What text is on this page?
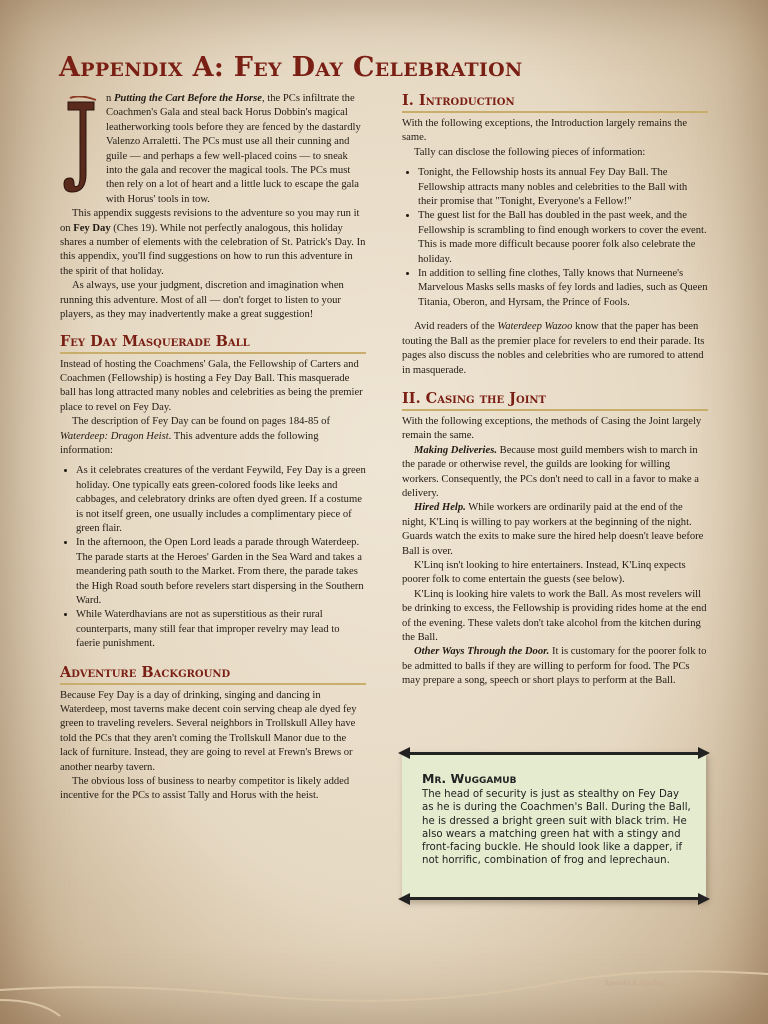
Appendix A: Fey Day Celebration

n Putting the Cart Before the Horse, the PCs infiltrate the Coachmen's Gala and steal back Horus Dobbin's magical leatherworking tools before they are fenced by the dastardly Valenzo Arraletti. The PCs must use all their cunning and guile — and perhaps a few well-placed coins — to sneak into the gala and recover the magical tools. The PCs must then rely on a lot of heart and a little luck to escape the gala with Horus' tools in tow.

This appendix suggests revisions to the adventure so you may run it on Fey Day (Ches 19). While not perfectly analogous, this holiday shares a number of elements with the celebration of St. Patrick's Day. In this appendix, you'll find suggestions on how to run this adventure in the spirit of that holiday.

As always, use your judgment, discretion and imagination when running this adventure. Most of all — don't forget to listen to your players, as they may inadvertently make a great suggestion!

Fey Day Masquerade Ball

Instead of hosting the Coachmens' Gala, the Fellowship of Carters and Coachmen (Fellowship) is hosting a Fey Day Ball. This masquerade ball has long attracted many nobles and celebrities as being the premier place to revel on Fey Day.

The description of Fey Day can be found on pages 184-85 of Waterdeep: Dragon Heist. This adventure adds the following information:

• As it celebrates creatures of the verdant Feywild, Fey Day is a green holiday. One typically eats green-colored foods like leeks and cabbages, and celebratory drinks are often dyed green. If a costume is not itself green, one usually includes a complimentary piece of green flair.
• In the afternoon, the Open Lord leads a parade through Waterdeep. The parade starts at the Heroes' Garden in the Sea Ward and takes a meandering path south to the Market. From there, the parade takes the High Road south before revelers start dispersing in the Southern Ward.
• While Waterdhavians are not as superstitious as their rural counterparts, many still fear that improper revelry may lead to faerie punishment.
Adventure Background

Because Fey Day is a day of drinking, singing and dancing in Waterdeep, most taverns make decent coin serving cheap ale dyed fey green to traveling revelers. Several neighbors in Trollskull Alley have told the PCs that they aren't coming the Trollskull Manor due to the lack of furniture. Instead, they are going to revel at Frewn's Brews or another nearby tavern.

The obvious loss of business to nearby competitor is likely added incentive for the PCs to assist Tally and Horus with the heist.

I. Introduction

With the following exceptions, the Introduction largely remains the same.

Tally can disclose the following pieces of information:

• Tonight, the Fellowship hosts its annual Fey Day Ball. The Fellowship attracts many nobles and celebrities to the Ball with their promise that "Tonight, Everyone's a Fellow!"
• The guest list for the Ball has doubled in the past week, and the Fellowship is scrambling to find enough workers to cover the event. This is made more difficult because poorer folk also celebrate the holiday.
• In addition to selling fine clothes, Tally knows that Nurneene's Marvelous Masks sells masks of fey lords and ladies, such as Queen Titania, Oberon, and Hyrsam, the Prince of Fools.

Avid readers of the Waterdeep Wazoo know that the paper has been touting the Ball as the premier place for revelers to end their parade. Its pages also discuss the nobles and celebrities who are rumored to attend in masquerade.

II. Casing the Joint

With the following exceptions, the methods of Casing the Joint largely remain the same.

Making Deliveries. Because most guild members wish to march in the parade or otherwise revel, the guilds are looking for willing workers. Consequently, the PCs don't need to call in a favor to make a delivery.

Hired Help. While workers are ordinarily paid at the end of the night, K'Linq is willing to pay workers at the beginning of the night. Guards watch the exits to make sure the hired help doesn't leave before Ball is over.

K'Linq isn't looking to hire entertainers. Instead, K'Linq expects poorer folk to come entertain the guests (see below).

K'Linq is looking hire valets to work the Ball. As most revelers will be drinking to excess, the Fellowship is providing rides home at the end of the evening. These valets don't take alcohol from the kitchen during the Ball.

Other Ways Through the Door. It is customary for the poorer folk to be admitted to balls if they are willing to perform for food. The PCs may prepare a song, speech or short plays to perform at the Ball.

Mr. Wuggamub

The head of security is just as stealthy on Fey Day as he is during the Coachmen's Ball. During the Ball, he is dressed a bright green suit with black trim. He also wears a matching green hat with a stingy and front-facing buckle. He should look like a dapper, if not horrific, combination of frog and leprechaun.

Appendix A: Fey Day	21
